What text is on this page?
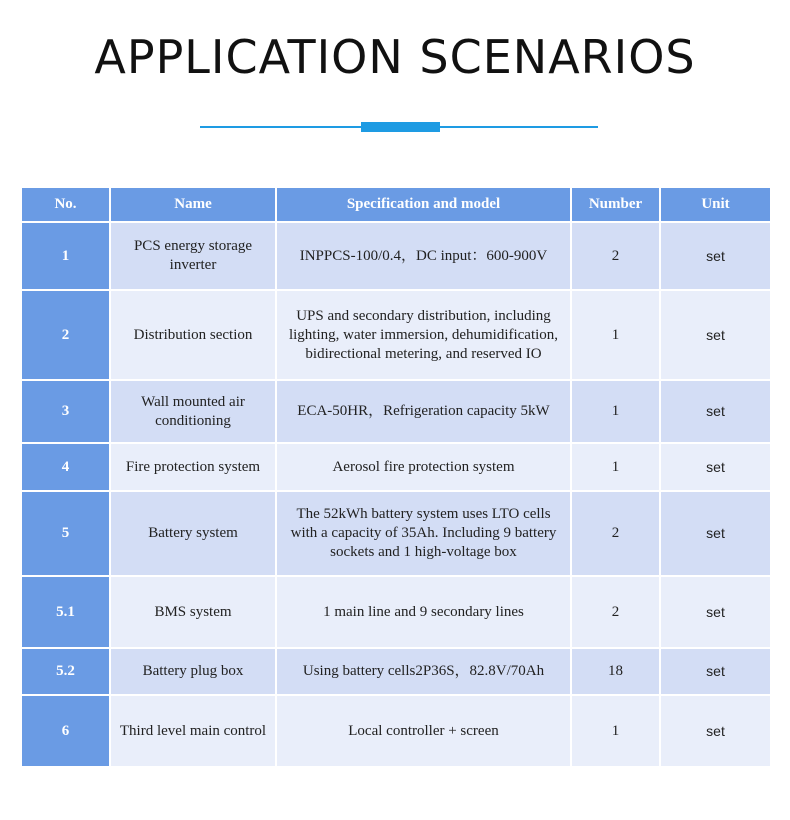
APPLICATION SCENARIOS
No.	Name	Specification and model	Number	Unit
1	PCS energy storage inverter	INPPCS-100/0.4，DC input：600-900V	2	set
2	Distribution section	UPS and secondary distribution, including lighting, water immersion, dehumidification, bidirectional metering, and reserved IO	1	set
3	Wall mounted air conditioning	ECA-50HR，Refrigeration capacity 5kW	1	set
4	Fire protection system	Aerosol fire protection system	1	set
5	Battery system	The 52kWh battery system uses LTO cells with a capacity of 35Ah. Including 9 battery sockets and 1 high-voltage box	2	set
5.1	BMS system	1 main line and 9 secondary lines	2	set
5.2	Battery plug box	Using battery cells2P36S，82.8V/70Ah	18	set
6	Third level main control	Local controller + screen	1	set
